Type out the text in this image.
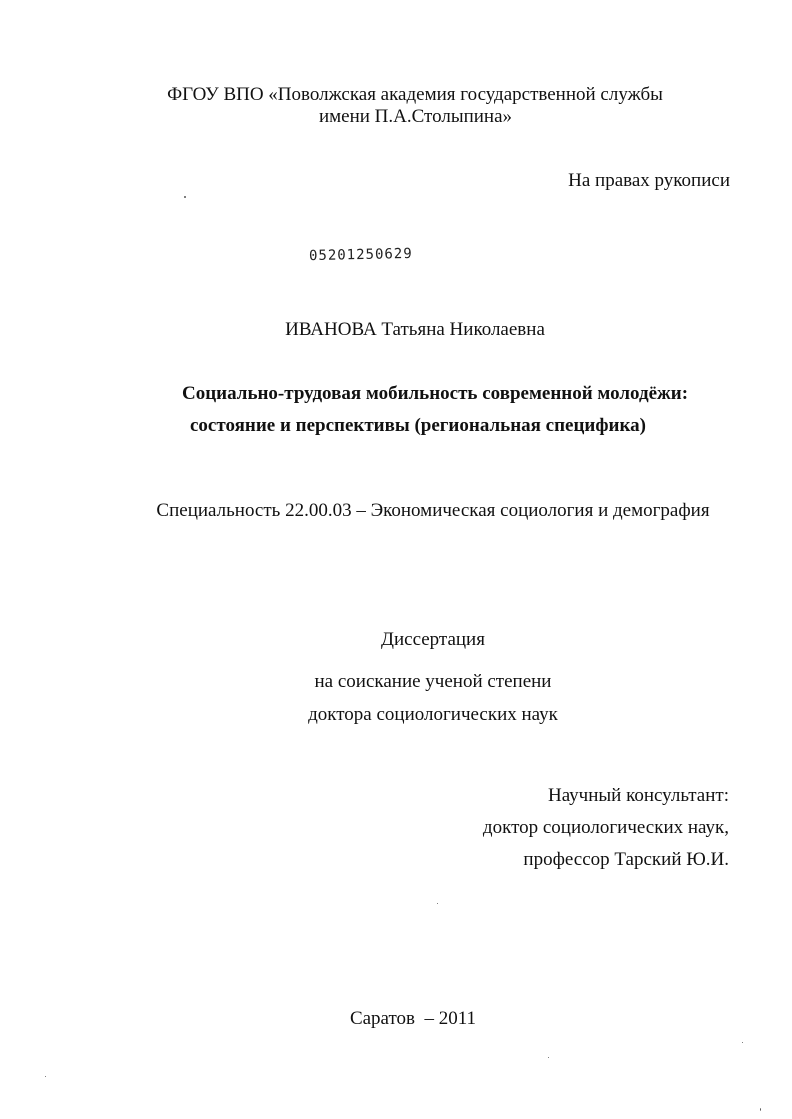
ФГОУ ВПО «Поволжская академия государственной службы
имени П.А.Столыпина»
На правах рукописи
05201250629
ИВАНОВА Татьяна Николаевна
Социально-трудовая мобильность современной молодёжи:
состояние и перспективы (региональная специфика)
Специальность 22.00.03 – Экономическая социология и демография
Диссертация
на соискание ученой степени
доктора социологических наук
Научный консультант:
доктор социологических наук,
профессор Тарский Ю.И.
Саратов  – 2011
